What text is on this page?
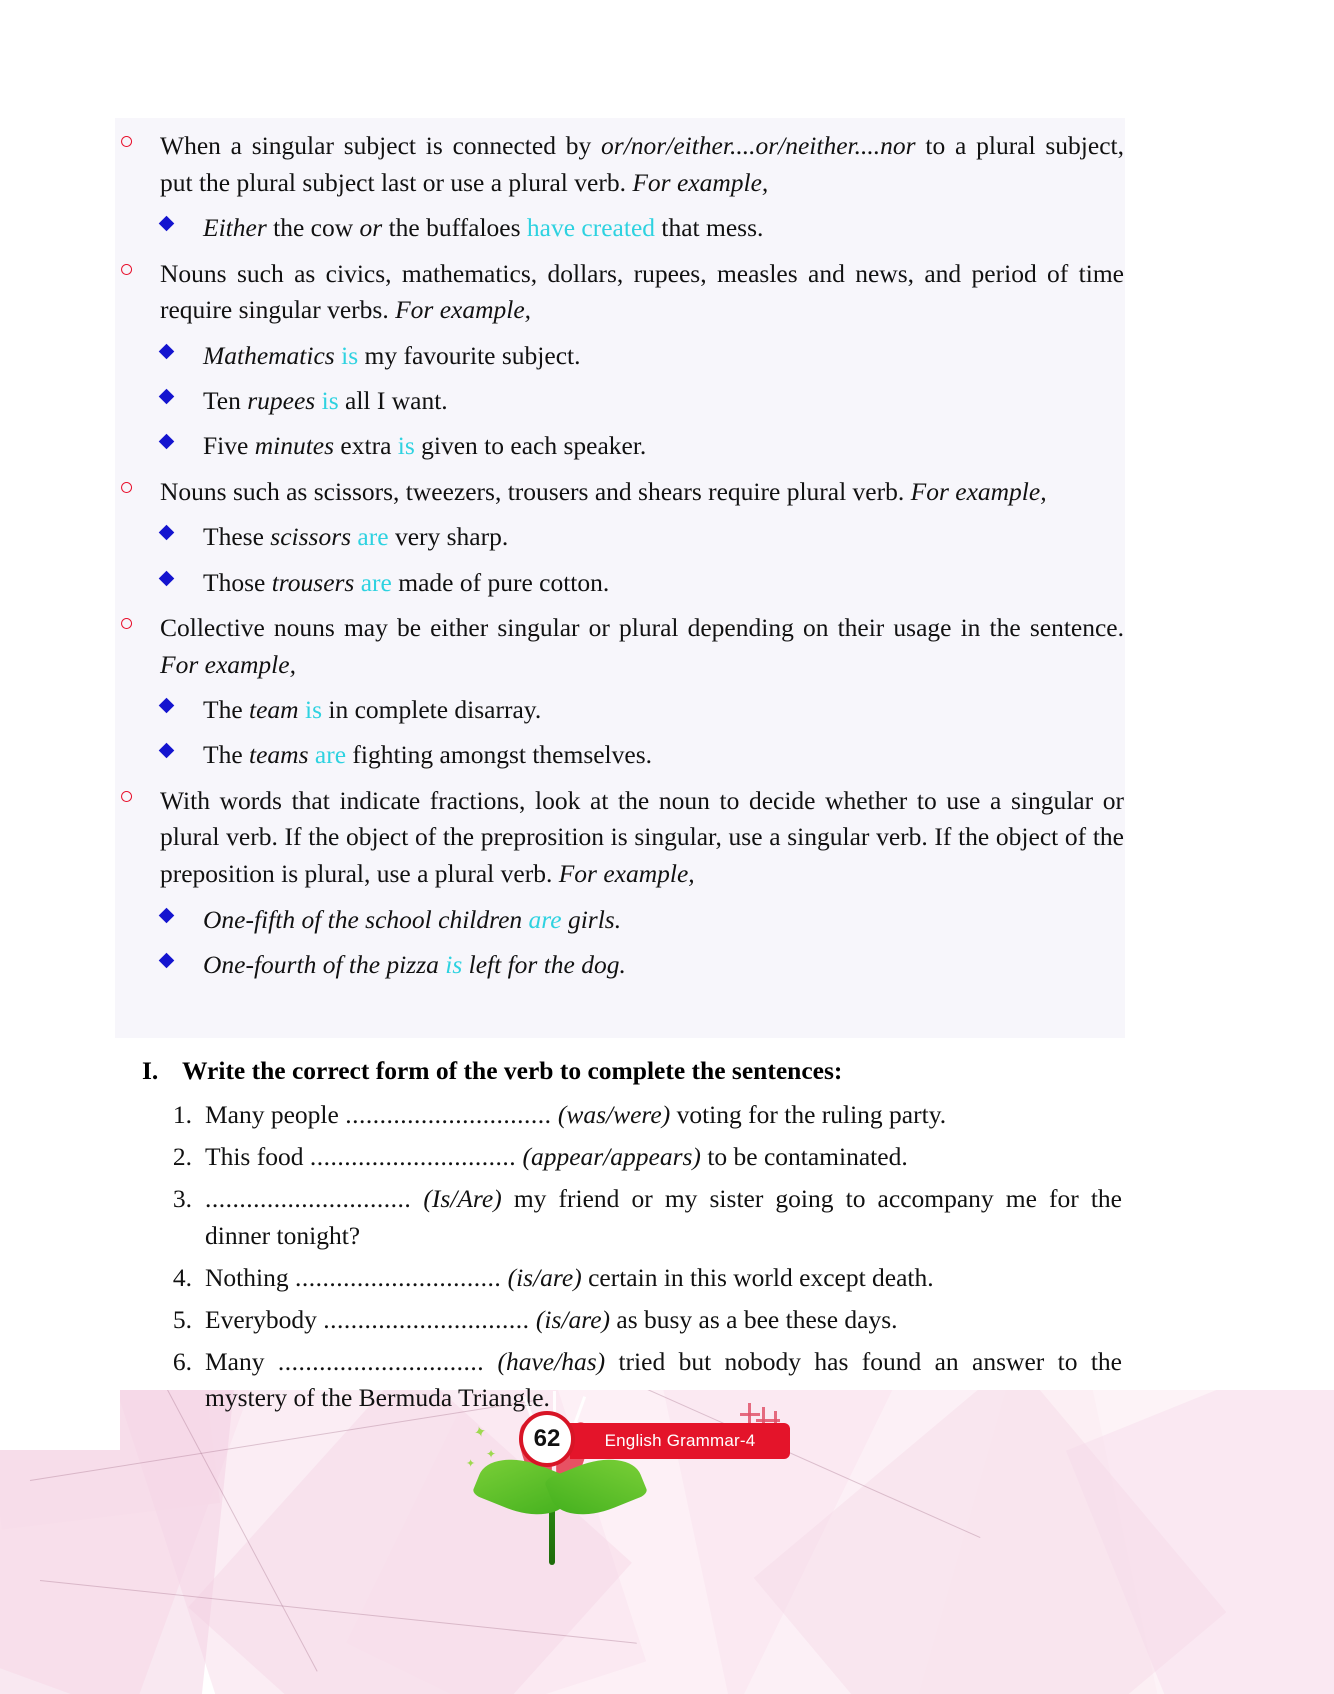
○
When a singular subject is connected by or/nor/either....or/neither....nor to a plural subject, put the plural subject last or use a plural verb. For example,
Either the cow or the buffaloes have created that mess.
○
Nouns such as civics, mathematics, dollars, rupees, measles and news, and period of time require singular verbs. For example,
Mathematics is my favourite subject.
Ten rupees is all I want.
Five minutes extra is given to each speaker.
○
Nouns such as scissors, tweezers, trousers and shears require plural verb. For example,
These scissors are very sharp.
Those trousers are made of pure cotton.
○
Collective nouns may be either singular or plural depending on their usage in the sentence. For example,
The team is in complete disarray.
The teams are fighting amongst themselves.
○
With words that indicate fractions, look at the noun to decide whether to use a singular or plural verb. If the object of the preprosition is singular, use a singular verb. If the object of the preposition is plural, use a plural verb. For example,
One-fifth of the school children are girls.
One-fourth of the pizza is left for the dog.
I. Write the correct form of the verb to complete the sentences:
1. Many people .............................. (was/were) voting for the ruling party.
2. This food .............................. (appear/appears) to be contaminated.
3. .............................. (Is/Are) my friend or my sister going to accompany me for the dinner tonight?
4. Nothing .............................. (is/are) certain in this world except death.
5. Everybody .............................. (is/are) as busy as a bee these days.
6. Many .............................. (have/has) tried but nobody has found an answer to the mystery of the Bermuda Triangle.
✦
✦
✦
English Grammar-4
62
